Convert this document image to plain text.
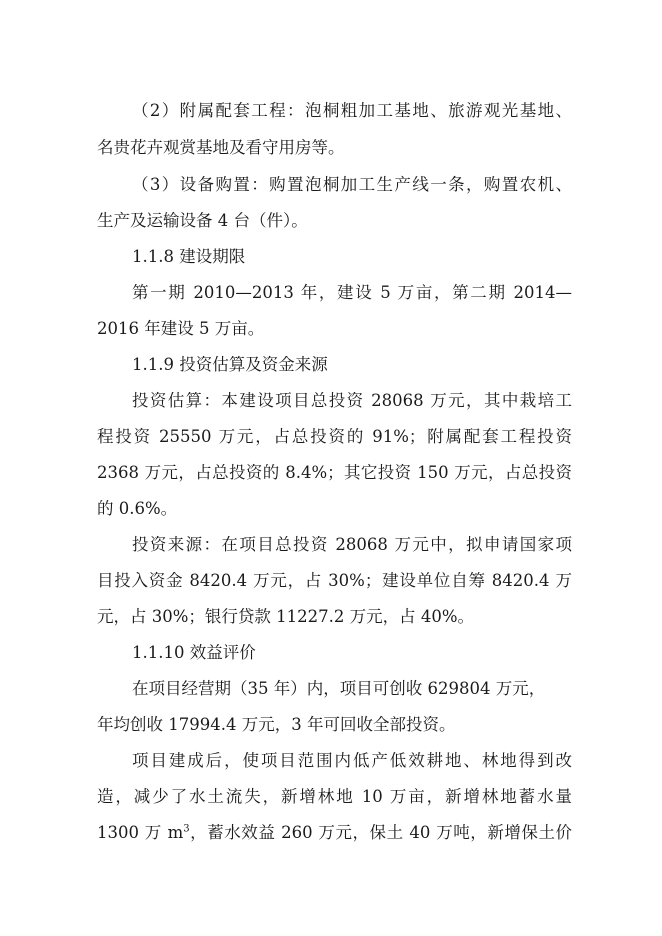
（2）附属配套工程：泡桐粗加工基地、旅游观光基地、
名贵花卉观赏基地及看守用房等。
（3）设备购置：购置泡桐加工生产线一条，购置农机、
生产及运输设备 4 台（件）。
1.1.8 建设期限
第一期 2010—2013 年，建设 5 万亩，第二期 2014—
2016 年建设 5 万亩。
1.1.9 投资估算及资金来源
投资估算：本建设项目总投资 28068 万元，其中栽培工
程投资 25550 万元，占总投资的 91%；附属配套工程投资
2368 万元，占总投资的 8.4%；其它投资 150 万元，占总投资
的 0.6%。
投资来源：在项目总投资 28068 万元中，拟申请国家项
目投入资金 8420.4 万元，占 30%；建设单位自筹 8420.4 万
元，占 30%；银行贷款 11227.2 万元，占 40%。
1.1.10 效益评价
在项目经营期（35 年）内，项目可创收 629804 万元，
年均创收 17994.4 万元，3 年可回收全部投资。
项目建成后，使项目范围内低产低效耕地、林地得到改
造，减少了水土流失，新增林地 10 万亩，新增林地蓄水量
1300 万 $m^3$，蓄水效益 260 万元，保土 40 万吨，新增保土价
